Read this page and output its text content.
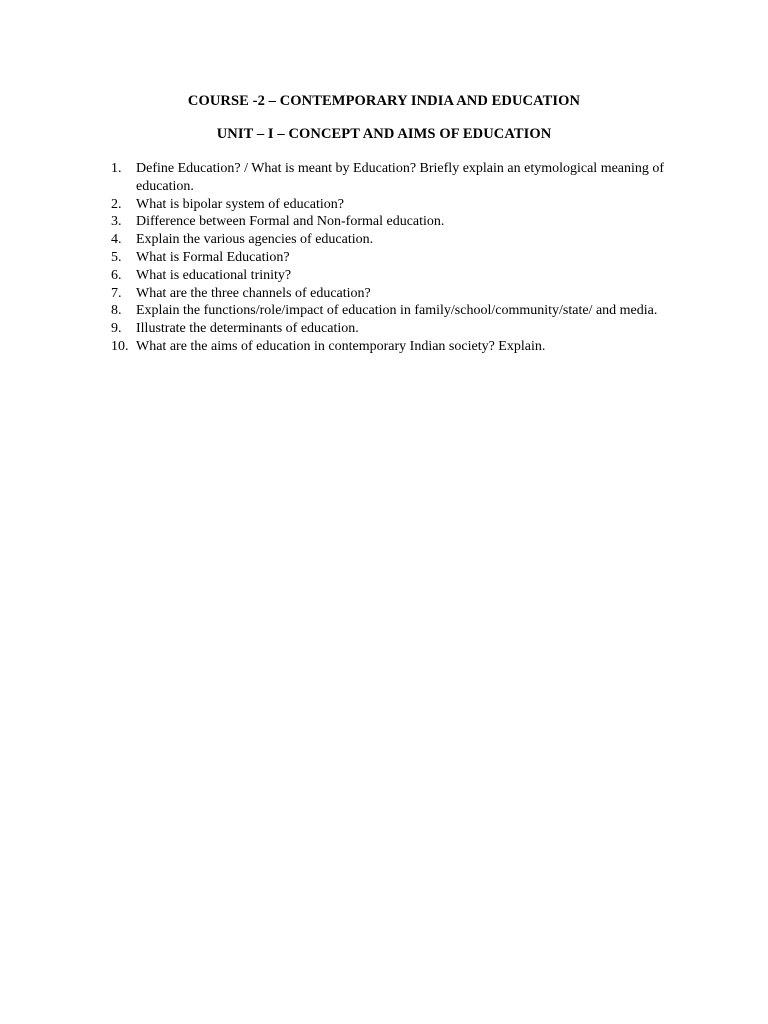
COURSE -2 – CONTEMPORARY INDIA AND EDUCATION
UNIT – I – CONCEPT AND AIMS OF EDUCATION
1.	Define Education? / What is meant by Education? Briefly explain an etymological meaning of education.
2.	What is bipolar system of education?
3.	Difference between Formal and Non-formal education.
4.	Explain the various agencies of education.
5.	What is Formal Education?
6.	What is educational trinity?
7.	What are the three channels of education?
8.	Explain the functions/role/impact of education in family/school/community/state/ and media.
9.	Illustrate the determinants of education.
10. What are the aims of education in contemporary Indian society? Explain.
